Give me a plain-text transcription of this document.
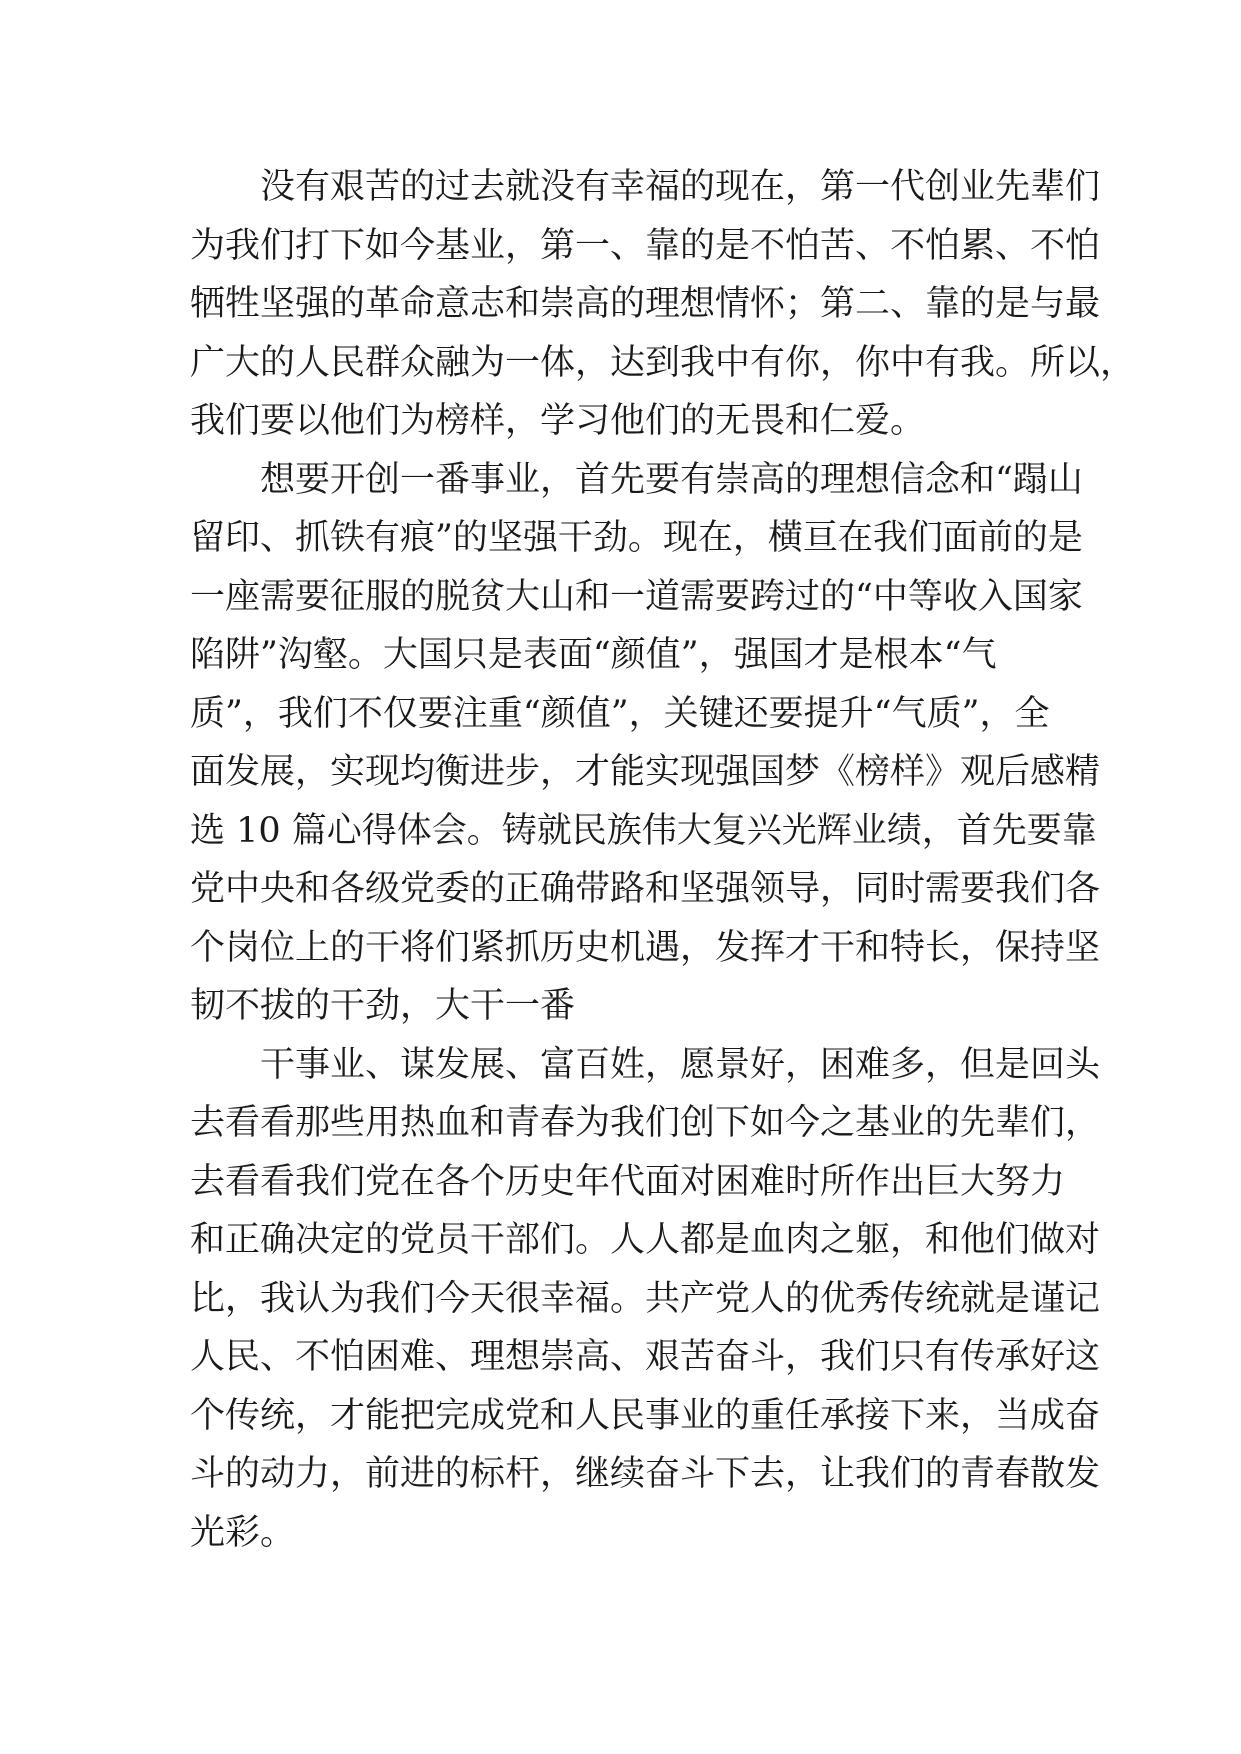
没有艰苦的过去就没有幸福的现在，第一代创业先辈们
为我们打下如今基业，第一、靠的是不怕苦、不怕累、不怕
牺牲坚强的革命意志和崇高的理想情怀；第二、靠的是与最
广大的人民群众融为一体，达到我中有你，你中有我。所以，
我们要以他们为榜样，学习他们的无畏和仁爱。
想要开创一番事业，首先要有崇高的理想信念和“蹋山
留印、抓铁有痕”的坚强干劲。现在，横亘在我们面前的是
一座需要征服的脱贫大山和一道需要跨过的“中等收入国家
陷阱”沟壑。大国只是表面“颜值”，强国才是根本“气
质”，我们不仅要注重“颜值”，关键还要提升“气质”，全
面发展，实现均衡进步，才能实现强国梦《榜样》观后感精
选 10 篇心得体会。铸就民族伟大复兴光辉业绩，首先要靠
党中央和各级党委的正确带路和坚强领导，同时需要我们各
个岗位上的干将们紧抓历史机遇，发挥才干和特长，保持坚
韧不拔的干劲，大干一番
干事业、谋发展、富百姓，愿景好，困难多，但是回头
去看看那些用热血和青春为我们创下如今之基业的先辈们，
去看看我们党在各个历史年代面对困难时所作出巨大努力
和正确决定的党员干部们。人人都是血肉之躯，和他们做对
比，我认为我们今天很幸福。共产党人的优秀传统就是谨记
人民、不怕困难、理想崇高、艰苦奋斗，我们只有传承好这
个传统，才能把完成党和人民事业的重任承接下来，当成奋
斗的动力，前进的标杆，继续奋斗下去，让我们的青春散发
光彩。
